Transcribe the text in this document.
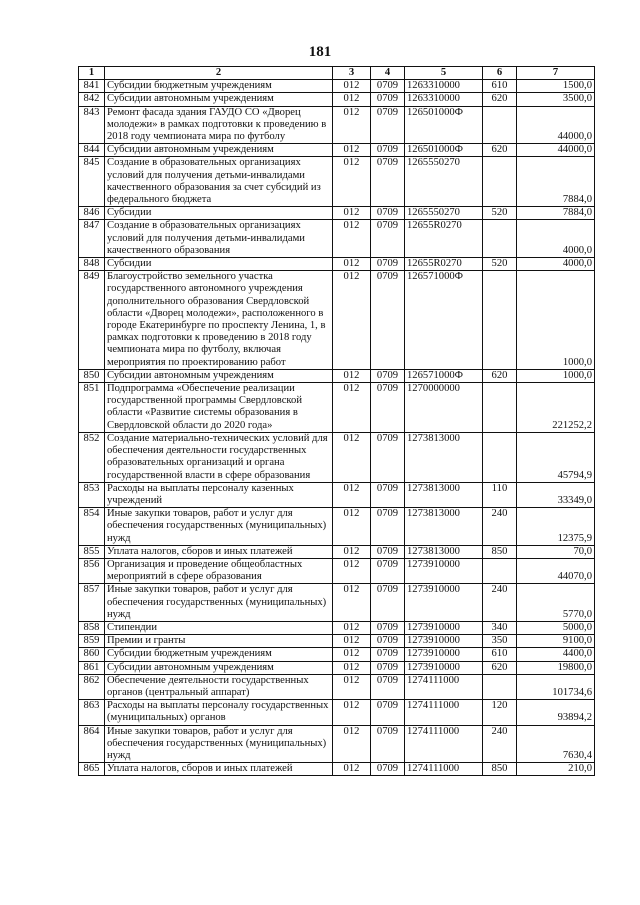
181
1	2	3	4	5	6	7
841	Субсидии бюджетным учреждениям	012	0709	1263310000	610	1500,0
842	Субсидии автономным учреждениям	012	0709	1263310000	620	3500,0
843	Ремонт фасада здания ГАУДО СО «Дворец молодежи» в рамках подготовки к проведению в 2018 году чемпионата мира по футболу	012	0709	126501000Ф		44000,0
844	Субсидии автономным учреждениям	012	0709	126501000Ф	620	44000,0
845	Создание в образовательных организациях условий для получения детьми-инвалидами качественного образования за счет субсидий из федерального бюджета	012	0709	1265550270		7884,0
846	Субсидии	012	0709	1265550270	520	7884,0
847	Создание в образовательных организациях условий для получения детьми-инвалидами качественного образования	012	0709	12655R0270		4000,0
848	Субсидии	012	0709	12655R0270	520	4000,0
849	Благоустройство земельного участка государственного автономного учреждения дополнительного образования Свердловской области «Дворец молодежи», расположенного в городе Екатеринбурге по проспекту Ленина, 1, в рамках подготовки к проведению в 2018 году чемпионата мира по футболу, включая мероприятия по проектированию работ	012	0709	126571000Ф		1000,0
850	Субсидии автономным учреждениям	012	0709	126571000Ф	620	1000,0
851	Подпрограмма «Обеспечение реализации государственной программы Свердловской области «Развитие системы образования в Свердловской области до 2020 года»	012	0709	1270000000		221252,2
852	Создание материально-технических условий для обеспечения деятельности государственных образовательных организаций и органа государственной власти в сфере образования	012	0709	1273813000		45794,9
853	Расходы на выплаты персоналу казенных учреждений	012	0709	1273813000	110	33349,0
854	Иные закупки товаров, работ и услуг для обеспечения государственных (муниципальных) нужд	012	0709	1273813000	240	12375,9
855	Уплата налогов, сборов и иных платежей	012	0709	1273813000	850	70,0
856	Организация и проведение общеобластных мероприятий в сфере образования	012	0709	1273910000		44070,0
857	Иные закупки товаров, работ и услуг для обеспечения государственных (муниципальных) нужд	012	0709	1273910000	240	5770,0
858	Стипендии	012	0709	1273910000	340	5000,0
859	Премии и гранты	012	0709	1273910000	350	9100,0
860	Субсидии бюджетным учреждениям	012	0709	1273910000	610	4400,0
861	Субсидии автономным учреждениям	012	0709	1273910000	620	19800,0
862	Обеспечение деятельности государственных органов (центральный аппарат)	012	0709	1274111000		101734,6
863	Расходы на выплаты персоналу государственных (муниципальных) органов	012	0709	1274111000	120	93894,2
864	Иные закупки товаров, работ и услуг для обеспечения государственных (муниципальных) нужд	012	0709	1274111000	240	7630,4
865	Уплата налогов, сборов и иных платежей	012	0709	1274111000	850	210,0
